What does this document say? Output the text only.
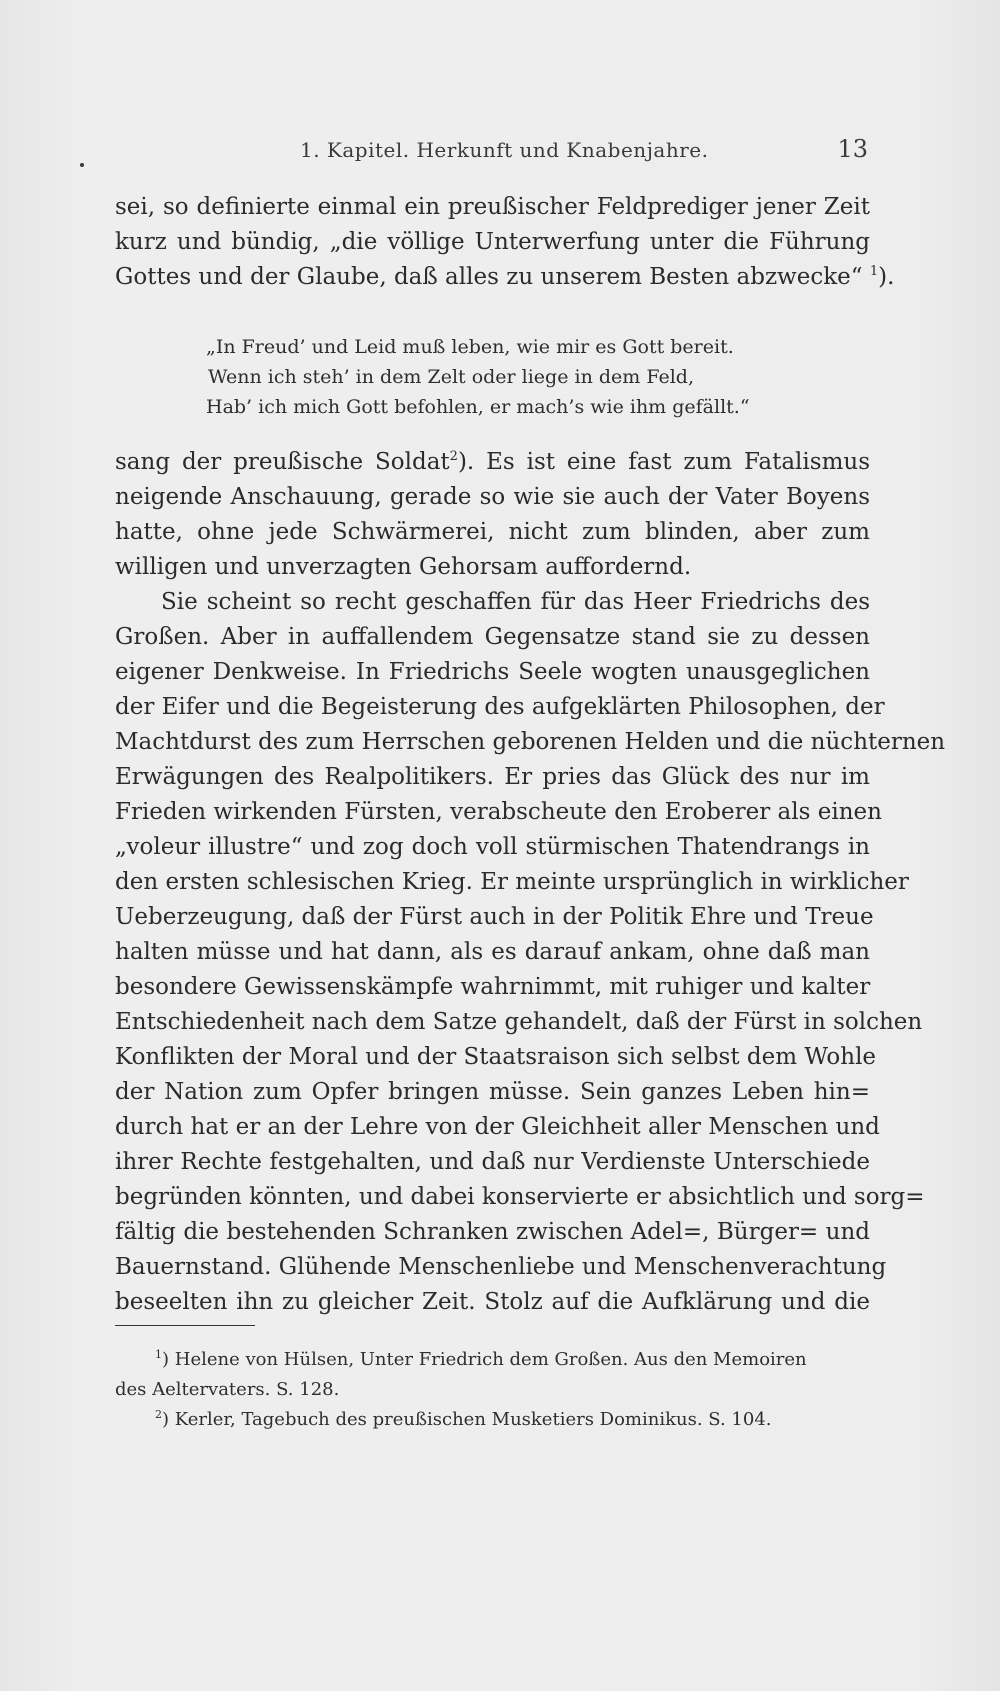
1. Kapitel. Herkunft und Knabenjahre.	13
sei, so definierte einmal ein preußischer Feldprediger jener Zeit
kurz und bündig, „die völlige Unterwerfung unter die Führung
Gottes und der Glaube, daß alles zu unserem Besten abzwecke“ $^1$).
„In Freud’ und Leid muß leben, wie mir es Gott bereit.
Wenn ich steh’ in dem Zelt oder liege in dem Feld,
Hab’ ich mich Gott befohlen, er mach’s wie ihm gefällt.“
sang der preußische Soldat$^2$). Es ist eine fast zum Fatalismus
neigende Anschauung, gerade so wie sie auch der Vater Boyens
hatte, ohne jede Schwärmerei, nicht zum blinden, aber zum
willigen und unverzagten Gehorsam auffordernd.
Sie scheint so recht geschaffen für das Heer Friedrichs des
Großen. Aber in auffallendem Gegensatze stand sie zu dessen
eigener Denkweise. In Friedrichs Seele wogten unausgeglichen
der Eifer und die Begeisterung des aufgeklärten Philosophen, der
Machtdurst des zum Herrschen geborenen Helden und die nüchternen
Erwägungen des Realpolitikers. Er pries das Glück des nur im
Frieden wirkenden Fürsten, verabscheute den Eroberer als einen
„voleur illustre“ und zog doch voll stürmischen Thatendrangs in
den ersten schlesischen Krieg. Er meinte ursprünglich in wirklicher
Ueberzeugung, daß der Fürst auch in der Politik Ehre und Treue
halten müsse und hat dann, als es darauf ankam, ohne daß man
besondere Gewissenskämpfe wahrnimmt, mit ruhiger und kalter
Entschiedenheit nach dem Satze gehandelt, daß der Fürst in solchen
Konflikten der Moral und der Staatsraison sich selbst dem Wohle
der Nation zum Opfer bringen müsse. Sein ganzes Leben hin=
durch hat er an der Lehre von der Gleichheit aller Menschen und
ihrer Rechte festgehalten, und daß nur Verdienste Unterschiede
begründen könnten, und dabei konservierte er absichtlich und sorg=
fältig die bestehenden Schranken zwischen Adel=, Bürger= und
Bauernstand. Glühende Menschenliebe und Menschenverachtung
beseelten ihn zu gleicher Zeit. Stolz auf die Aufklärung und die
$^1$) Helene von Hülsen, Unter Friedrich dem Großen. Aus den Memoiren
des Aeltervaters. S. 128.
$^2$) Kerler, Tagebuch des preußischen Musketiers Dominikus. S. 104.
